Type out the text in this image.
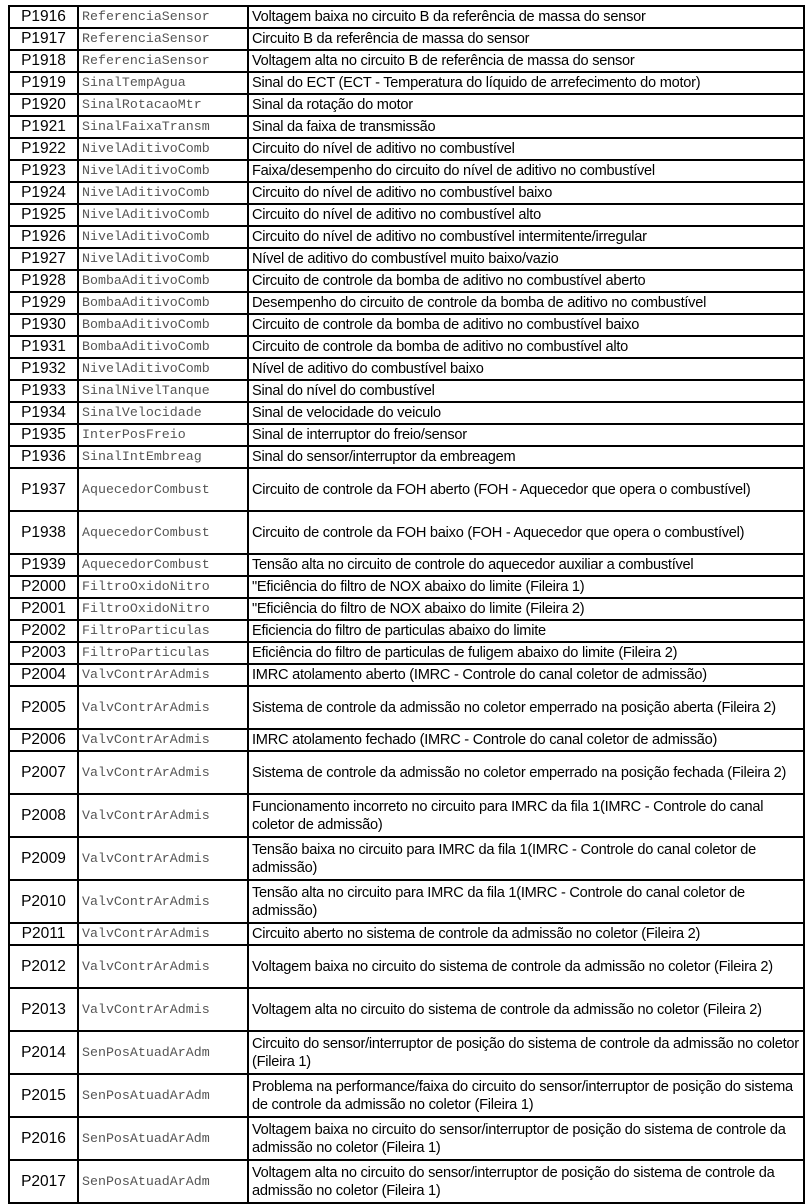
P1916	ReferenciaSensor	Voltagem baixa no circuito B da referência de massa do sensor
P1917	ReferenciaSensor	Circuito B da referência de massa do sensor
P1918	ReferenciaSensor	Voltagem alta no circuito B de referência de massa do sensor
P1919	SinalTempAgua	Sinal do ECT (ECT - Temperatura do líquido de arrefecimento do motor)
P1920	SinalRotacaoMtr	Sinal da rotação do motor
P1921	SinalFaixaTransm	Sinal da faixa de transmissão
P1922	NivelAditivoComb	Circuito do nível de aditivo no combustível
P1923	NivelAditivoComb	Faixa/desempenho do circuito do nível de aditivo no combustível
P1924	NivelAditivoComb	Circuito do nível de aditivo no combustível baixo
P1925	NivelAditivoComb	Circuito do nível de aditivo no combustível alto
P1926	NivelAditivoComb	Circuito do nível de aditivo no combustível intermitente/irregular
P1927	NivelAditivoComb	Nível de aditivo do combustível muito baixo/vazio
P1928	BombaAditivoComb	Circuito de controle da bomba de aditivo no combustível aberto
P1929	BombaAditivoComb	Desempenho do circuito de controle da bomba de aditivo no combustível
P1930	BombaAditivoComb	Circuito de controle da bomba de aditivo no combustível baixo
P1931	BombaAditivoComb	Circuito de controle da bomba de aditivo no combustível alto
P1932	NivelAditivoComb	Nível de aditivo do combustível baixo
P1933	SinalNivelTanque	Sinal do nível do combustível
P1934	SinalVelocidade	Sinal de velocidade do veiculo
P1935	InterPosFreio	Sinal de interruptor do freio/sensor
P1936	SinalIntEmbreag	Sinal do sensor/interruptor da embreagem
P1937	AquecedorCombust	Circuito de controle da FOH aberto (FOH - Aquecedor que opera o combustível)
P1938	AquecedorCombust	Circuito de controle da FOH baixo (FOH - Aquecedor que opera o combustível)
P1939	AquecedorCombust	Tensão alta no circuito de controle do aquecedor auxiliar a combustível
P2000	FiltroOxidoNitro	"Eficiência do filtro de NOX abaixo do limite (Fileira 1)
P2001	FiltroOxidoNitro	"Eficiência do filtro de NOX abaixo do limite (Fileira 2)
P2002	FiltroParticulas	Eficiencia do filtro de particulas abaixo do limite
P2003	FiltroParticulas	Eficiência do filtro de particulas de fuligem abaixo do limite (Fileira 2)
P2004	ValvContrArAdmis	IMRC atolamento aberto (IMRC - Controle do canal coletor de admissão)
P2005	ValvContrArAdmis	Sistema de controle da admissão no coletor emperrado na posição aberta (Fileira 2)
P2006	ValvContrArAdmis	IMRC atolamento fechado (IMRC - Controle do canal coletor de admissão)
P2007	ValvContrArAdmis	Sistema de controle da admissão no coletor emperrado na posição fechada (Fileira 2)
P2008	ValvContrArAdmis	Funcionamento incorreto no circuito para IMRC da fila 1(IMRC - Controle do canal coletor de admissão)
P2009	ValvContrArAdmis	Tensão baixa no circuito para IMRC da fila 1(IMRC - Controle do canal coletor de admissão)
P2010	ValvContrArAdmis	Tensão alta no circuito para IMRC da fila 1(IMRC - Controle do canal coletor de admissão)
P2011	ValvContrArAdmis	Circuito aberto no sistema de controle da admissão no coletor (Fileira 2)
P2012	ValvContrArAdmis	Voltagem baixa no circuito do sistema de controle da admissão no coletor (Fileira 2)
P2013	ValvContrArAdmis	Voltagem alta no circuito do sistema de controle da admissão no coletor (Fileira 2)
P2014	SenPosAtuadArAdm	Circuito do sensor/interruptor de posição do sistema de controle da admissão no coletor (Fileira 1)
P2015	SenPosAtuadArAdm	Problema na performance/faixa do circuito do sensor/interruptor de posição do sistema de controle da admissão no coletor (Fileira 1)
P2016	SenPosAtuadArAdm	Voltagem baixa no circuito do sensor/interruptor de posição do sistema de controle da admissão no coletor (Fileira 1)
P2017	SenPosAtuadArAdm	Voltagem alta no circuito do sensor/interruptor de posição do sistema de controle da admissão no coletor (Fileira 1)
